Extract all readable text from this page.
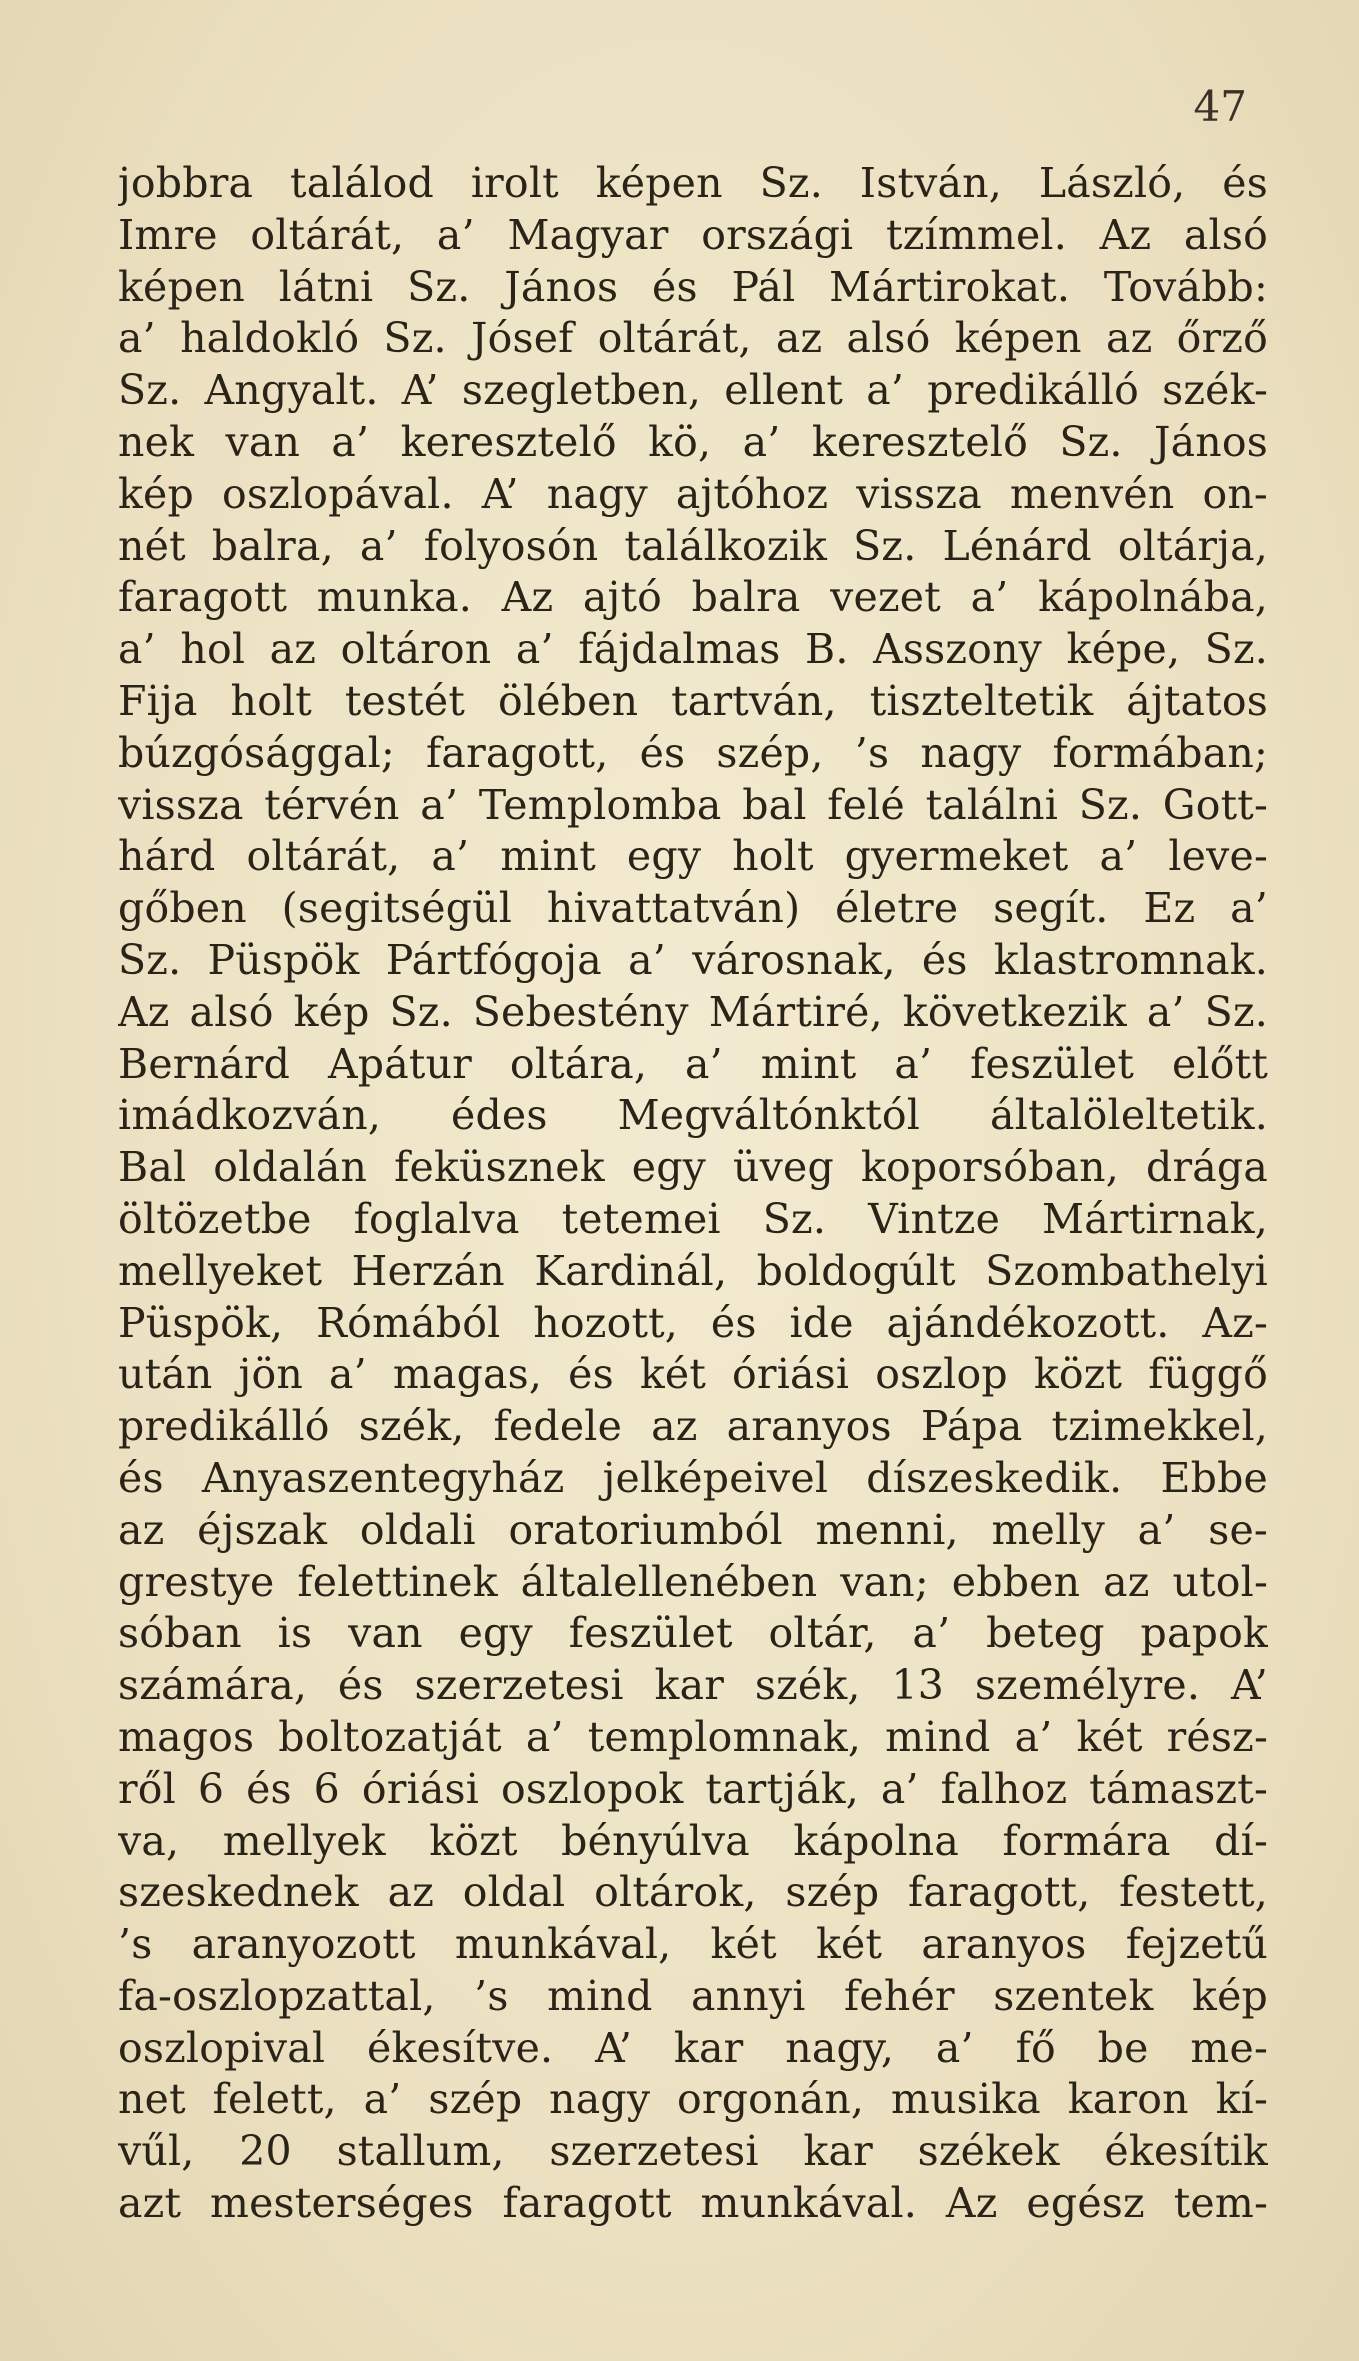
47
jobbra találod irolt képen Sz. István, László, és
Imre oltárát, a’ Magyar országi tzímmel. Az alsó
képen látni Sz. János és Pál Mártirokat. Tovább:
a’ haldokló Sz. Jósef oltárát, az alsó képen az őrző
Sz. Angyalt. A’ szegletben, ellent a’ predikálló szék-
nek van a’ keresztelő kö, a’ keresztelő Sz. János
kép oszlopával. A’ nagy ajtóhoz vissza menvén on-
nét balra, a’ folyosón találkozik Sz. Lénárd oltárja,
faragott munka. Az ajtó balra vezet a’ kápolnába,
a’ hol az oltáron a’ fájdalmas B. Asszony képe, Sz.
Fija holt testét ölében tartván, tiszteltetik ájtatos
búzgósággal; faragott, és szép, ’s nagy formában;
vissza térvén a’ Templomba bal felé találni Sz. Gott-
hárd oltárát, a’ mint egy holt gyermeket a’ leve-
gőben (segitségül hivattatván) életre segít. Ez a’
Sz. Püspök Pártfógoja a’ városnak, és klastromnak.
Az alsó kép Sz. Sebestény Mártiré, következik a’ Sz.
Bernárd Apátur oltára, a’ mint a’ feszület előtt
imádkozván, édes Megváltónktól általöleltetik.
Bal oldalán feküsznek egy üveg koporsóban, drága
öltözetbe foglalva tetemei Sz. Vintze Mártirnak,
mellyeket Herzán Kardinál, boldogúlt Szombathelyi
Püspök, Rómából hozott, és ide ajándékozott. Az-
után jön a’ magas, és két óriási oszlop közt függő
predikálló szék, fedele az aranyos Pápa tzimekkel,
és Anyaszentegyház jelképeivel díszeskedik. Ebbe
az éjszak oldali oratoriumból menni, melly a’ se-
grestye felettinek általellenében van; ebben az utol-
sóban is van egy feszület oltár, a’ beteg papok
számára, és szerzetesi kar szék, 13 személyre. A’
magos boltozatját a’ templomnak, mind a’ két rész-
ről 6 és 6 óriási oszlopok tartják, a’ falhoz támaszt-
va, mellyek közt bényúlva kápolna formára dí-
szeskednek az oldal oltárok, szép faragott, festett,
’s aranyozott munkával, két két aranyos fejzetű
fa-oszlopzattal, ’s mind annyi fehér szentek kép
oszlopival ékesítve. A’ kar nagy, a’ fő be me-
net felett, a’ szép nagy orgonán, musika karon kí-
vűl, 20 stallum, szerzetesi kar székek ékesítik
azt mesterséges faragott munkával. Az egész tem-
